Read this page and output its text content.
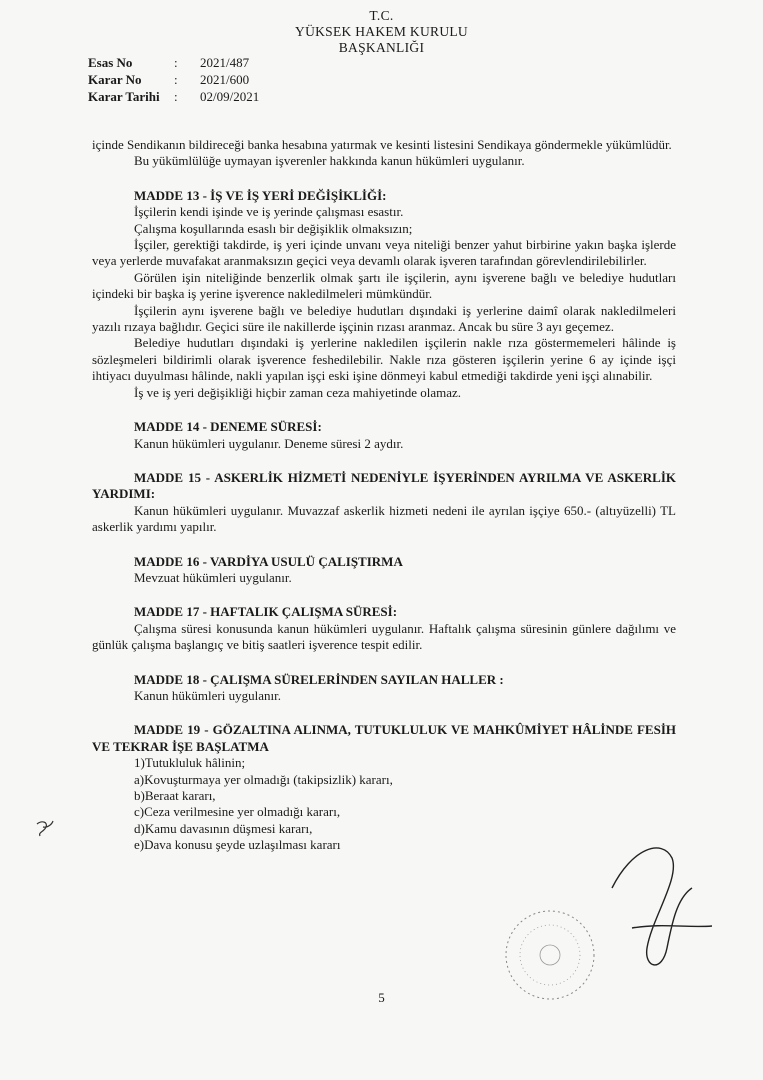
T.C.
YÜKSEK HAKEM KURULU
BAŞKANLIĞI
Esas No	:	2021/487
Karar No	:	2021/600
Karar Tarihi	:	02/09/2021

içinde Sendikanın bildireceği banka hesabına yatırmak ve kesinti listesini Sendikaya göndermekle yükümlüdür.

Bu yükümlülüğe uymayan işverenler hakkında kanun hükümleri uygulanır.

MADDE 13 - İŞ VE İŞ YERİ DEĞİŞİKLİĞİ:

İşçilerin kendi işinde ve iş yerinde çalışması esastır.

Çalışma koşullarında esaslı bir değişiklik olmaksızın;

İşçiler, gerektiği takdirde, iş yeri içinde unvanı veya niteliği benzer yahut birbirine yakın başka işlerde veya yerlerde muvafakat aranmaksızın geçici veya devamlı olarak işveren tarafından görevlendirilebilirler.

Görülen işin niteliğinde benzerlik olmak şartı ile işçilerin, aynı işverene bağlı ve belediye hudutları içindeki bir başka iş yerine işverence nakledilmeleri mümkündür.

İşçilerin aynı işverene bağlı ve belediye hudutları dışındaki iş yerlerine daimî olarak nakledilmeleri yazılı rızaya bağlıdır. Geçici süre ile nakillerde işçinin rızası aranmaz. Ancak bu süre 3 ayı geçemez.

Belediye hudutları dışındaki iş yerlerine nakledilen işçilerin nakle rıza göstermemeleri hâlinde iş sözleşmeleri bildirimli olarak işverence feshedilebilir. Nakle rıza gösteren işçilerin yerine 6 ay içinde işçi ihtiyacı duyulması hâlinde, nakli yapılan işçi eski işine dönmeyi kabul etmediği takdirde yeni işçi alınabilir.

İş ve iş yeri değişikliği hiçbir zaman ceza mahiyetinde olamaz.

MADDE 14 - DENEME SÜRESİ:

Kanun hükümleri uygulanır. Deneme süresi 2 aydır.

MADDE 15 - ASKERLİK HİZMETİ NEDENİYLE İŞYERİNDEN AYRILMA VE ASKERLİK YARDIMI:

Kanun hükümleri uygulanır. Muvazzaf askerlik hizmeti nedeni ile ayrılan işçiye 650.- (altıyüzelli) TL askerlik yardımı yapılır.

MADDE 16 - VARDİYA USULÜ ÇALIŞTIRMA

Mevzuat hükümleri uygulanır.

MADDE 17 - HAFTALIK ÇALIŞMA SÜRESİ:

Çalışma süresi konusunda kanun hükümleri uygulanır. Haftalık çalışma süresinin günlere dağılımı ve günlük çalışma başlangıç ve bitiş saatleri işverence tespit edilir.

MADDE 18 - ÇALIŞMA SÜRELERİNDEN SAYILAN HALLER :

Kanun hükümleri uygulanır.

MADDE 19 - GÖZALTINA ALINMA, TUTUKLULUK VE MAHKÛMİYET HÂLİNDE FESİH VE TEKRAR İŞE BAŞLATMA

1)Tutukluluk hâlinin;

a)Kovuşturmaya yer olmadığı (takipsizlik) kararı,

b)Beraat kararı,

c)Ceza verilmesine yer olmadığı kararı,

d)Kamu davasının düşmesi kararı,

e)Dava konusu şeyde uzlaşılması kararı

5
